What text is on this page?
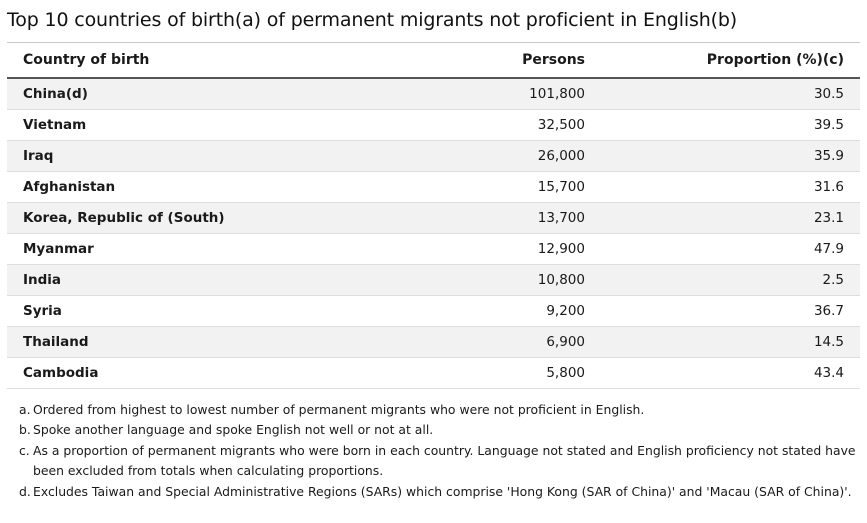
Top 10 countries of birth(a) of permanent migrants not proficient in English(b)
Country of birth	Persons	Proportion (%)(c)
China(d)	101,800	30.5
Vietnam	32,500	39.5
Iraq	26,000	35.9
Afghanistan	15,700	31.6
Korea, Republic of (South)	13,700	23.1
Myanmar	12,900	47.9
India	10,800	2.5
Syria	9,200	36.7
Thailand	6,900	14.5
Cambodia	5,800	43.4
a. Ordered from highest to lowest number of permanent migrants who were not proficient in English.
b. Spoke another language and spoke English not well or not at all.
c. As a proportion of permanent migrants who were born in each country. Language not stated and English proficiency not stated have been excluded from totals when calculating proportions.
d. Excludes Taiwan and Special Administrative Regions (SARs) which comprise 'Hong Kong (SAR of China)' and 'Macau (SAR of China)'.
